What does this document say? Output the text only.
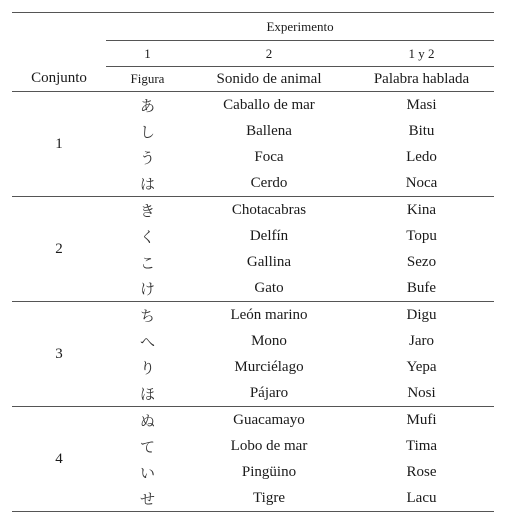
	Experimento		
	1	2	1 y 2
Conjunto	Figura	Sonido de animal	Palabra hablada
1	あ	Caballo de mar	Masi
	し	Ballena	Bitu
	う	Foca	Ledo
	は	Cerdo	Noca
2	き	Chotacabras	Kina
	く	Delfín	Topu
	こ	Gallina	Sezo
	け	Gato	Bufe
3	ち	León marino	Digu
	へ	Mono	Jaro
	り	Murciélago	Yepa
	ほ	Pájaro	Nosi
4	ぬ	Guacamayo	Mufi
	て	Lobo de mar	Tima
	い	Pingüino	Rose
	せ	Tigre	Lacu
